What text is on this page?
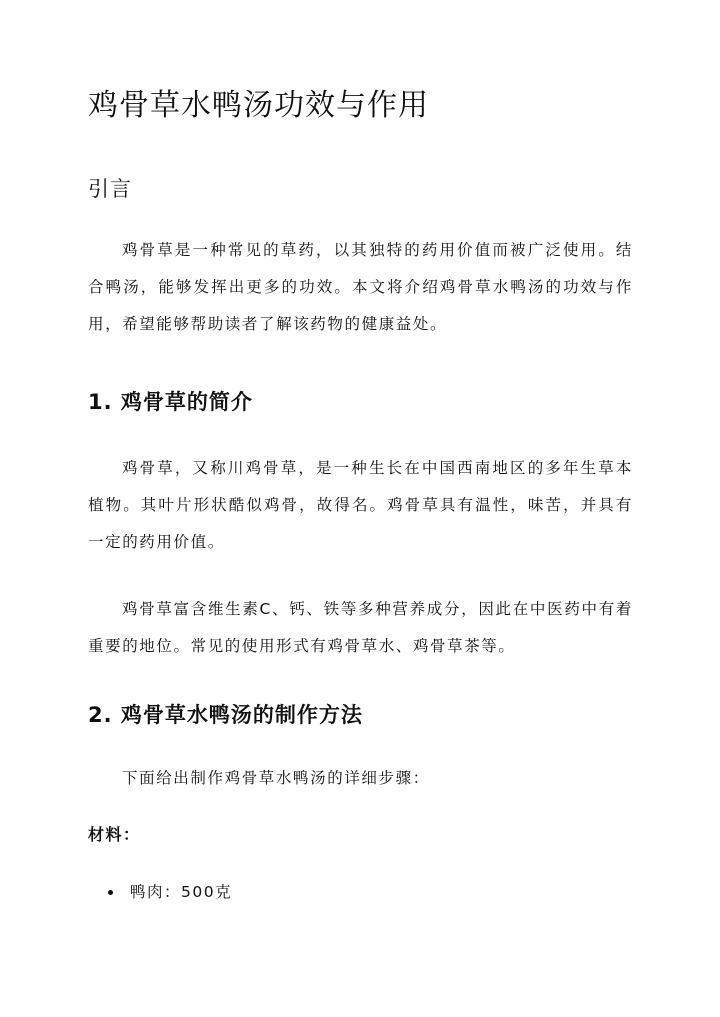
鸡骨草水鸭汤功效与作用
引言

鸡骨草是一种常见的草药，以其独特的药用价值而被广泛使用。结合鸭汤，能够发挥出更多的功效。本文将介绍鸡骨草水鸭汤的功效与作用，希望能够帮助读者了解该药物的健康益处。

1. 鸡骨草的简介

鸡骨草，又称川鸡骨草，是一种生长在中国西南地区的多年生草本植物。其叶片形状酷似鸡骨，故得名。鸡骨草具有温性，味苦，并具有一定的药用价值。

鸡骨草富含维生素C、钙、铁等多种营养成分，因此在中医药中有着重要的地位。常见的使用形式有鸡骨草水、鸡骨草茶等。

2. 鸡骨草水鸭汤的制作方法

下面给出制作鸡骨草水鸭汤的详细步骤：

材料：
鸭肉：500克
